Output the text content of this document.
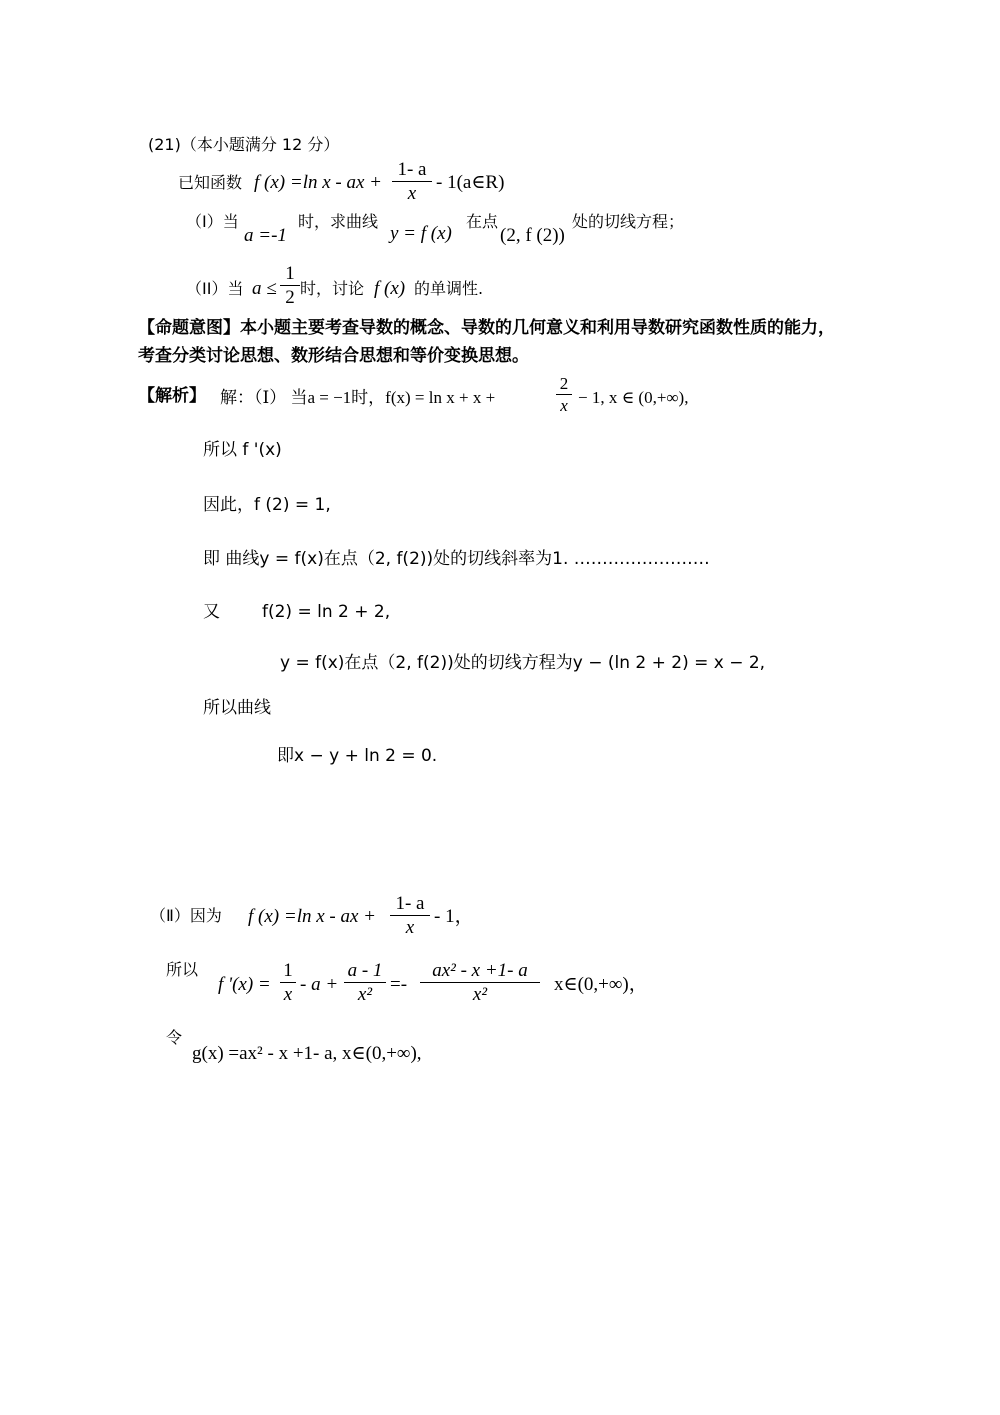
(21)（本小题满分 12 分）
已知函数 f (x) =ln x - ax +
1- a
x
- 1(a∈R)
（I）当
a =-1
时，求曲线
y = f (x)
在点
(2, f (2))
处的切线方程；
（II）当 a ≤
1
2 时，讨论 f (x) 的单调性.
【命题意图】本小题主要考查导数的概念、导数的几何意义和利用导数研究函数性质的能力，
考查分类讨论思想、数形结合思想和等价变换思想。
【解析】 解：（Ⅰ） 当a = −1时，f(x) = ln x + x +
2
x − 1, x ∈ (0,+∞),
所以 f '(x)
因此，f (2) = 1,
即 曲线y = f(x)在点（2, f(2))处的切线斜率为1. ……………………
又 f(2) = ln 2 + 2,
y = f(x)在点（2, f(2))处的切线方程为y − (ln 2 + 2) = x − 2,
所以曲线
即x − y + ln 2 = 0.
（Ⅱ）因为 f (x) =ln x - ax +
1- a
x
- 1，
所以
f '(x) =
1
x - a +
a - 1
x² =-
ax² - x +1- a
x²	x∈(0,+∞)，
令
g(x) =ax² - x +1- a, x∈(0,+∞),
